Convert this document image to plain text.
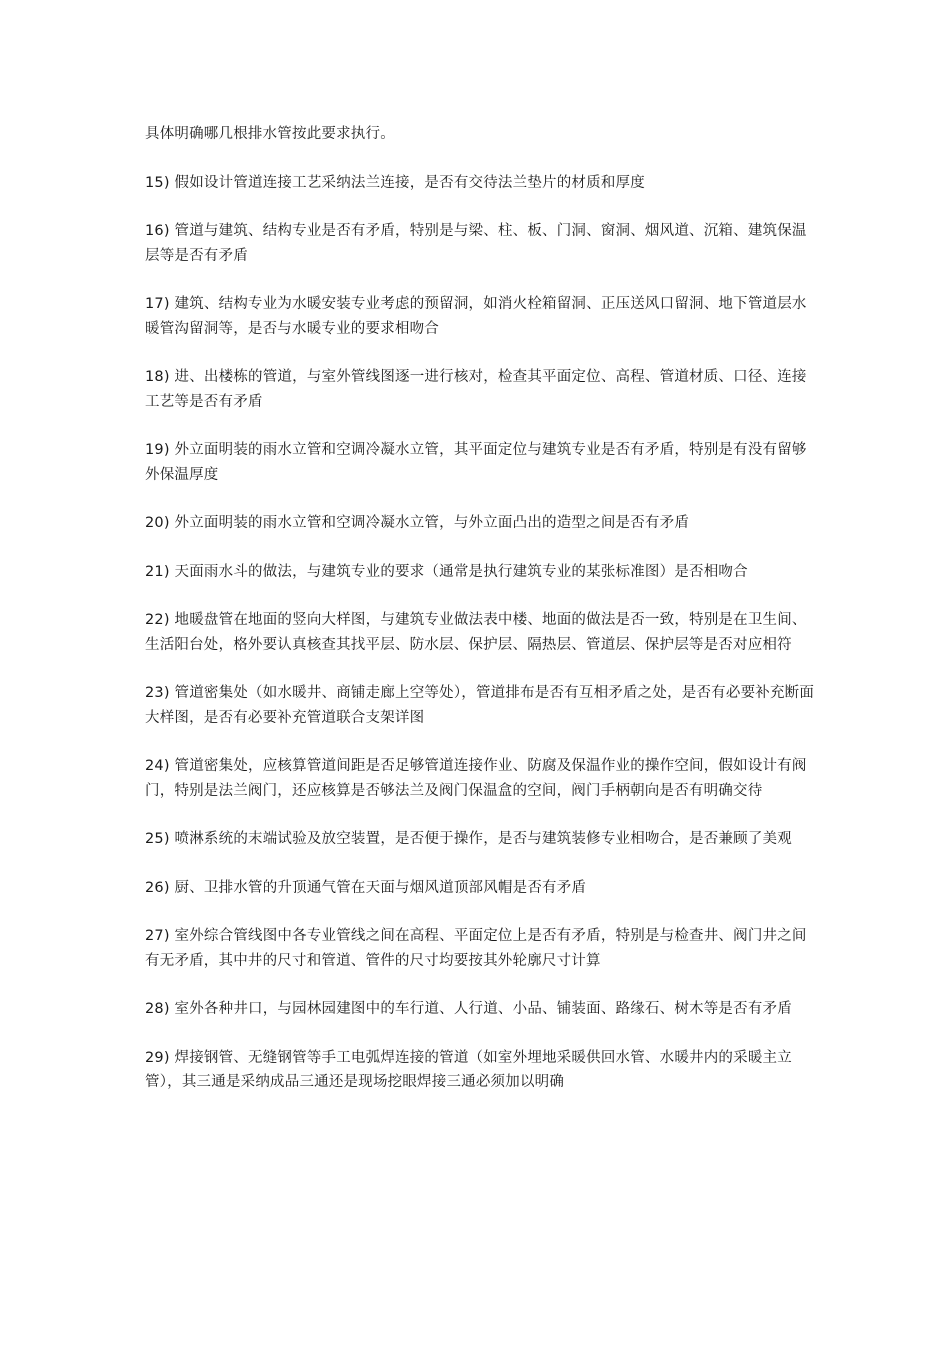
具体明确哪几根排水管按此要求执行。

15) 假如设计管道连接工艺采纳法兰连接，是否有交待法兰垫片的材质和厚度

16) 管道与建筑、结构专业是否有矛盾，特别是与梁、柱、板、门洞、窗洞、烟风道、沉箱、建筑保温层等是否有矛盾

17) 建筑、结构专业为水暖安装专业考虑的预留洞，如消火栓箱留洞、正压送风口留洞、地下管道层水暖管沟留洞等，是否与水暖专业的要求相吻合

18) 进、出楼栋的管道，与室外管线图逐一进行核对，检查其平面定位、高程、管道材质、口径、连接工艺等是否有矛盾

19) 外立面明装的雨水立管和空调冷凝水立管，其平面定位与建筑专业是否有矛盾，特别是有没有留够外保温厚度

20) 外立面明装的雨水立管和空调冷凝水立管，与外立面凸出的造型之间是否有矛盾

21) 天面雨水斗的做法，与建筑专业的要求（通常是执行建筑专业的某张标准图）是否相吻合

22) 地暖盘管在地面的竖向大样图，与建筑专业做法表中楼、地面的做法是否一致，特别是在卫生间、生活阳台处，格外要认真核查其找平层、防水层、保护层、隔热层、管道层、保护层等是否对应相符

23) 管道密集处（如水暖井、商铺走廊上空等处），管道排布是否有互相矛盾之处，是否有必要补充断面大样图，是否有必要补充管道联合支架详图

24) 管道密集处，应核算管道间距是否足够管道连接作业、防腐及保温作业的操作空间，假如设计有阀门，特别是法兰阀门，还应核算是否够法兰及阀门保温盒的空间，阀门手柄朝向是否有明确交待

25) 喷淋系统的末端试验及放空装置，是否便于操作，是否与建筑装修专业相吻合，是否兼顾了美观

26) 厨、卫排水管的升顶通气管在天面与烟风道顶部风帽是否有矛盾

27) 室外综合管线图中各专业管线之间在高程、平面定位上是否有矛盾，特别是与检查井、阀门井之间有无矛盾，其中井的尺寸和管道、管件的尺寸均要按其外轮廓尺寸计算

28) 室外各种井口，与园林园建图中的车行道、人行道、小品、铺装面、路缘石、树木等是否有矛盾

29) 焊接钢管、无缝钢管等手工电弧焊连接的管道（如室外埋地采暖供回水管、水暖井内的采暖主立管），其三通是采纳成品三通还是现场挖眼焊接三通必须加以明确
